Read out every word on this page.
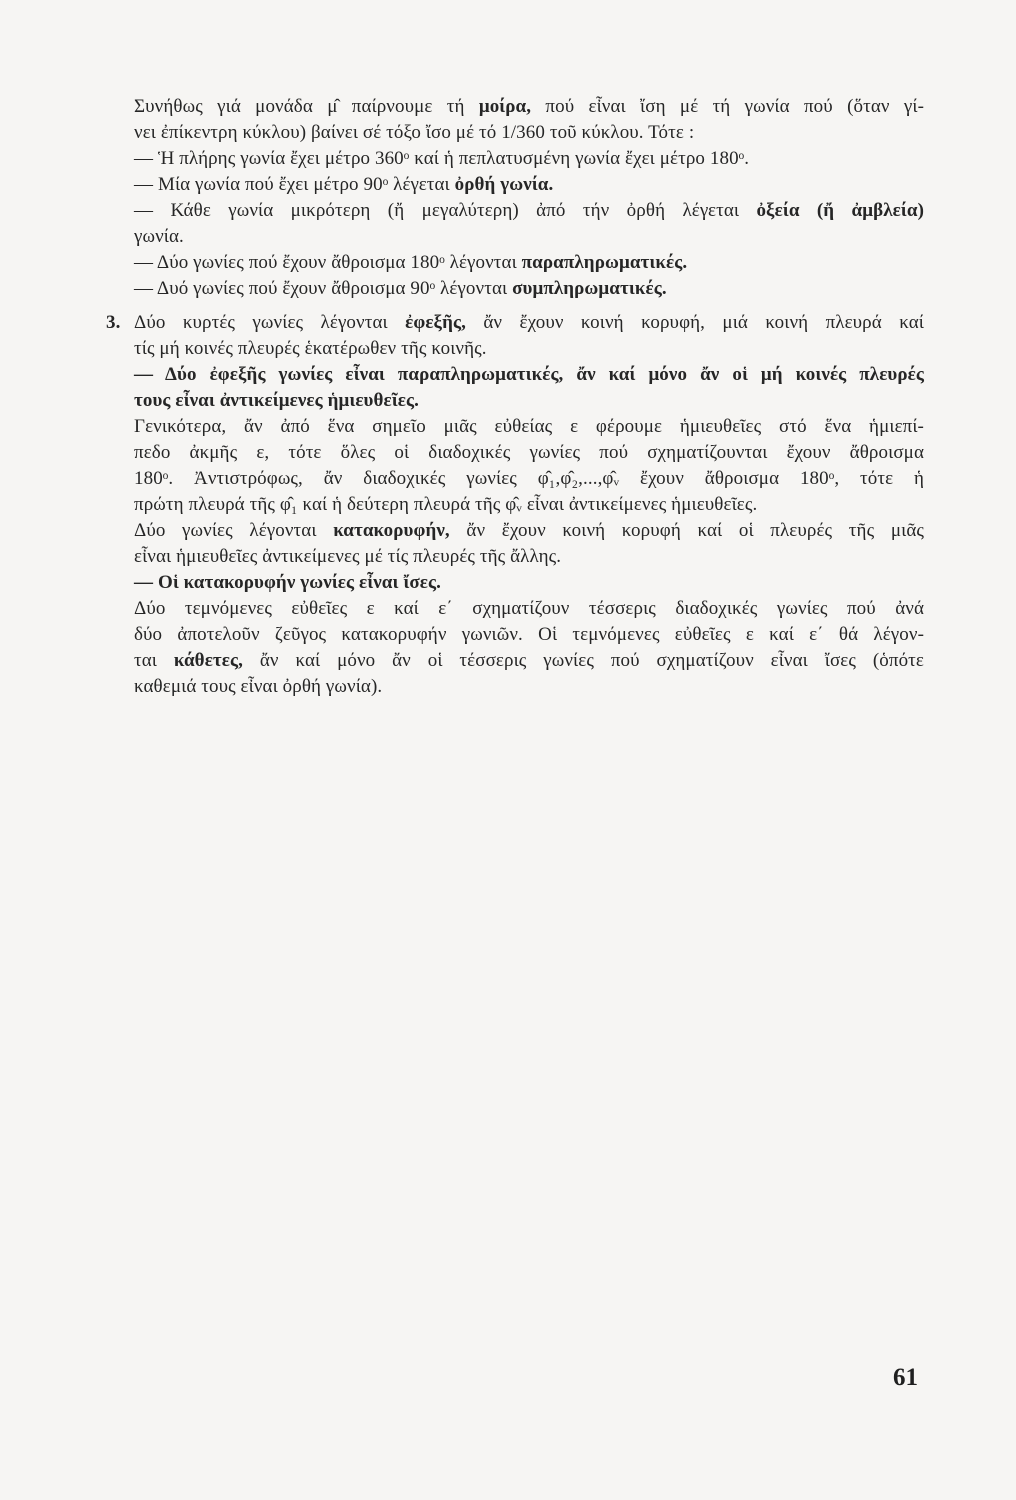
Συνήθως γιά μονάδα μ̂ παίρνουμε τή μοίρα, πού εἶναι ἴση μέ τή γωνία πού (ὅταν γί-
νει ἐπίκεντρη κύκλου) βαίνει σέ τόξο ἴσο μέ τό 1/360 τοῦ κύκλου. Τότε :
— Ἡ πλήρης γωνία ἔχει μέτρο 360ᵒ καί ἡ πεπλατυσμένη γωνία ἔχει μέτρο 180ᵒ.
— Μία γωνία πού ἔχει μέτρο 90ᵒ λέγεται ὀρθή γωνία.
— Κάθε γωνία μικρότερη (ἤ μεγαλύτερη) ἀπό τήν ὀρθή λέγεται ὀξεία (ἤ ἀμβλεία)
γωνία.
— Δύο γωνίες πού ἔχουν ἄθροισμα 180ᵒ λέγονται παραπληρωματικές.
— Δυό γωνίες πού ἔχουν ἄθροισμα 90ᵒ λέγονται συμπληρωματικές.
3. Δύο κυρτές γωνίες λέγονται ἐφεξῆς, ἄν ἔχουν κοινή κορυφή, μιά κοινή πλευρά καί
τίς μή κοινές πλευρές ἑκατέρωθεν τῆς κοινῆς.
— Δύο ἐφεξῆς γωνίες εἶναι παραπληρωματικές, ἄν καί μόνο ἄν οἱ μή κοινές πλευρές
τους εἶναι ἀντικείμενες ἡμιευθεῖες.
Γενικότερα, ἄν ἀπό ἕνα σημεῖο μιᾶς εὐθείας ε φέρουμε ἡμιευθεῖες στό ἕνα ἡμιεπί-
πεδο ἀκμῆς ε, τότε ὅλες οἱ διαδοχικές γωνίες πού σχηματίζουνται ἔχουν ἄθροισμα
180ᵒ. Ἀντιστρόφως, ἄν διαδοχικές γωνίες φ̂₁,φ̂₂,...,φ̂ᵥ ἔχουν ἄθροισμα 180ᵒ, τότε ἡ
πρώτη πλευρά τῆς φ̂₁ καί ἡ δεύτερη πλευρά τῆς φ̂ᵥ εἶναι ἀντικείμενες ἡμιευθεῖες.
Δύο γωνίες λέγονται κατακορυφήν, ἄν ἔχουν κοινή κορυφή καί οἱ πλευρές τῆς μιᾶς
εἶναι ἡμιευθεῖες ἀντικείμενες μέ τίς πλευρές τῆς ἄλλης.
— Οἱ κατακορυφήν γωνίες εἶναι ἴσες.
Δύο τεμνόμενες εὐθεῖες ε καί ε΄ σχηματίζουν τέσσερις διαδοχικές γωνίες πού ἀνά
δύο ἀποτελοῦν ζεῦγος κατακορυφήν γωνιῶν. Οἱ τεμνόμενες εὐθεῖες ε καί ε΄ θά λέγον-
ται κάθετες, ἄν καί μόνο ἄν οἱ τέσσερις γωνίες πού σχηματίζουν εἶναι ἴσες (ὁπότε
καθεμιά τους εἶναι ὀρθή γωνία).
61
